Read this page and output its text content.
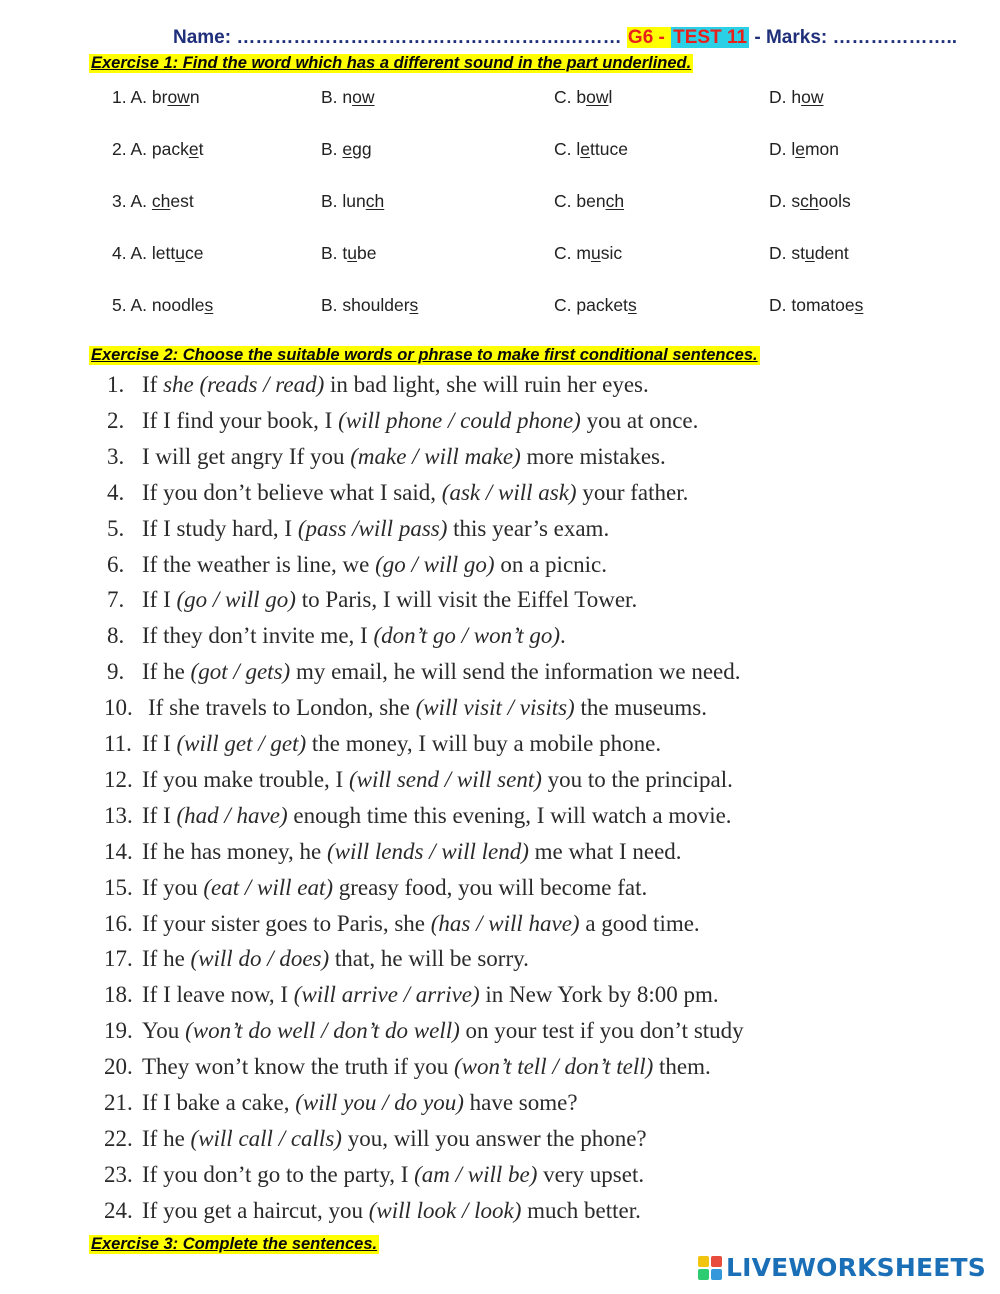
Name: …………………………………………….……… G6 - TEST 11 - Marks: ………………..
Exercise 1: Find the word which has a different sound in the part underlined.
1. A. brown	B. now	C. bowl	D. how
2. A. packet	B. egg	C. lettuce	D. lemon
3. A. chest	B. lunch	C. bench	D. schools
4. A. lettuce	B. tube	C. music	D. student
5. A. noodles	B. shoulders	C. packets	D. tomatoes
Exercise 2: Choose the suitable words or phrase to make first conditional sentences.
1. If she (reads / read) in bad light, she will ruin her eyes.
2. If I find your book, I (will phone / could phone) you at once.
3. I will get angry If you (make / will make) more mistakes.
4. If you don’t believe what I said, (ask / will ask) your father.
5. If I study hard, I (pass /will pass) this year’s exam.
6. If the weather is line, we (go / will go) on a picnic.
7. If I (go / will go) to Paris, I will visit the Eiffel Tower.
8. If they don’t invite me, I (don’t go / won’t go).
9. If he (got / gets) my email, he will send the information we need.
10. If she travels to London, she (will visit / visits) the museums.
11. If I (will get / get) the money, I will buy a mobile phone.
12. If you make trouble, I (will send / will sent) you to the principal.
13. If I (had / have) enough time this evening, I will watch a movie.
14. If he has money, he (will lends / will lend) me what I need.
15. If you (eat / will eat) greasy food, you will become fat.
16. If your sister goes to Paris, she (has / will have) a good time.
17. If he (will do / does) that, he will be sorry.
18. If I leave now, I (will arrive / arrive) in New York by 8:00 pm.
19. You (won’t do well / don’t do well) on your test if you don’t study
20. They won’t know the truth if you (won’t tell / don’t tell) them.
21. If I bake a cake, (will you / do you) have some?
22. If he (will call / calls) you, will you answer the phone?
23. If you don’t go to the party, I (am / will be) very upset.
24. If you get a haircut, you (will look / look) much better.
Exercise 3: Complete the sentences.
LIVEWORKSHEETS
